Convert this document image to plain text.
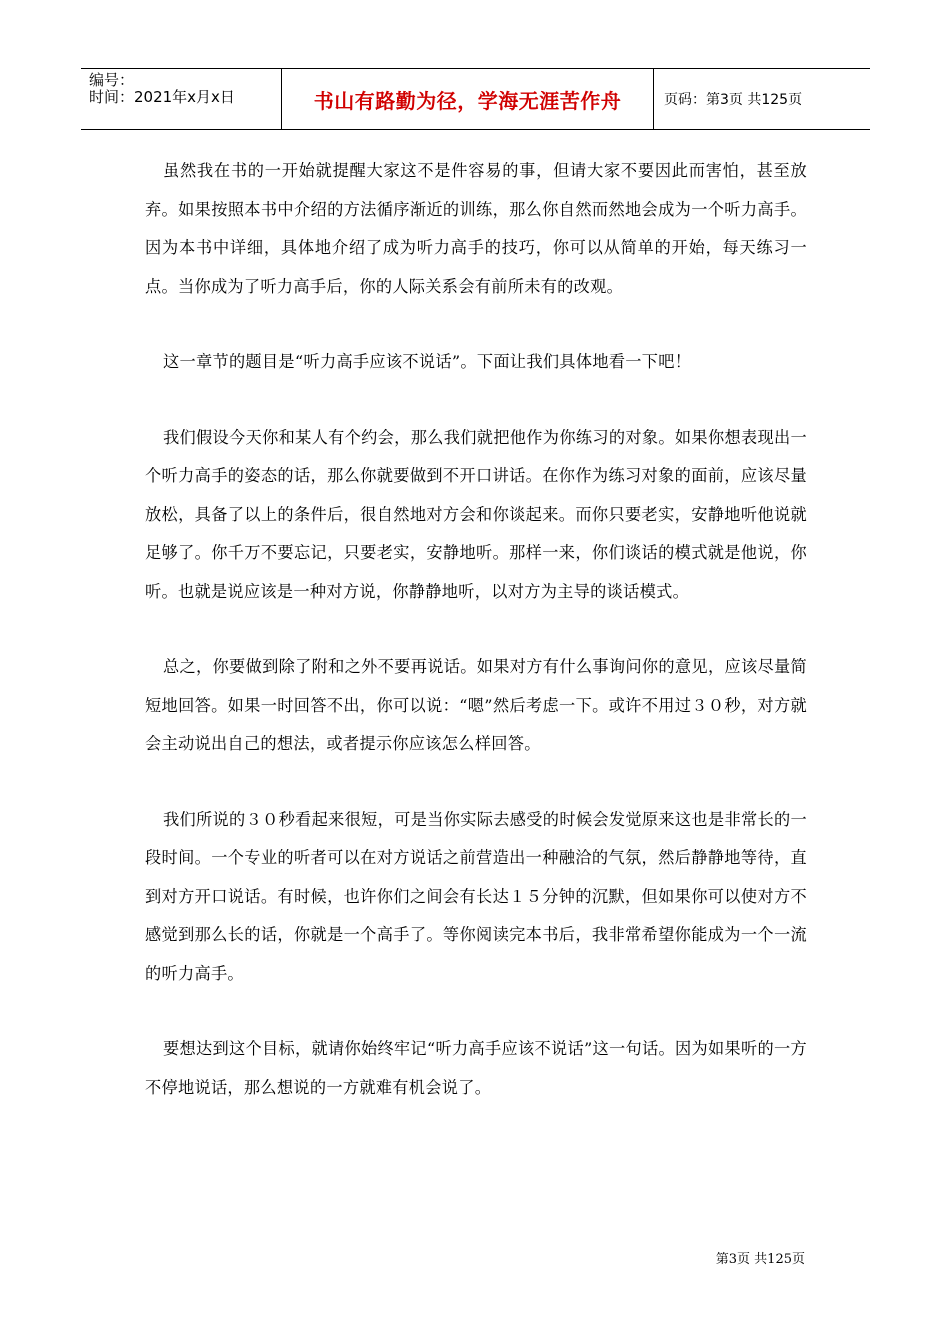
编号：
时间：2021年x月x日	书山有路勤为径，学海无涯苦作舟	页码：第3页 共125页

虽然我在书的一开始就提醒大家这不是件容易的事，但请大家不要因此而害怕，甚至放弃。如果按照本书中介绍的方法循序渐近的训练，那么你自然而然地会成为一个听力高手。因为本书中详细，具体地介绍了成为听力高手的技巧，你可以从简单的开始，每天练习一点。当你成为了听力高手后，你的人际关系会有前所未有的改观。

这一章节的题目是“听力高手应该不说话”。下面让我们具体地看一下吧！

我们假设今天你和某人有个约会，那么我们就把他作为你练习的对象。如果你想表现出一个听力高手的姿态的话，那么你就要做到不开口讲话。在你作为练习对象的面前，应该尽量放松，具备了以上的条件后，很自然地对方会和你谈起来。而你只要老实，安静地听他说就足够了。你千万不要忘记，只要老实，安静地听。那样一来，你们谈话的模式就是他说，你听。也就是说应该是一种对方说，你静静地听，以对方为主导的谈话模式。

总之，你要做到除了附和之外不要再说话。如果对方有什么事询问你的意见，应该尽量简短地回答。如果一时回答不出，你可以说：“嗯”然后考虑一下。或许不用过３０秒，对方就会主动说出自己的想法，或者提示你应该怎么样回答。

我们所说的３０秒看起来很短，可是当你实际去感受的时候会发觉原来这也是非常长的一段时间。一个专业的听者可以在对方说话之前营造出一种融洽的气氛，然后静静地等待，直到对方开口说话。有时候，也许你们之间会有长达１５分钟的沉默，但如果你可以使对方不感觉到那么长的话，你就是一个高手了。等你阅读完本书后，我非常希望你能成为一个一流的听力高手。

要想达到这个目标，就请你始终牢记“听力高手应该不说话”这一句话。因为如果听的一方不停地说话，那么想说的一方就难有机会说了。

第3页 共125页
